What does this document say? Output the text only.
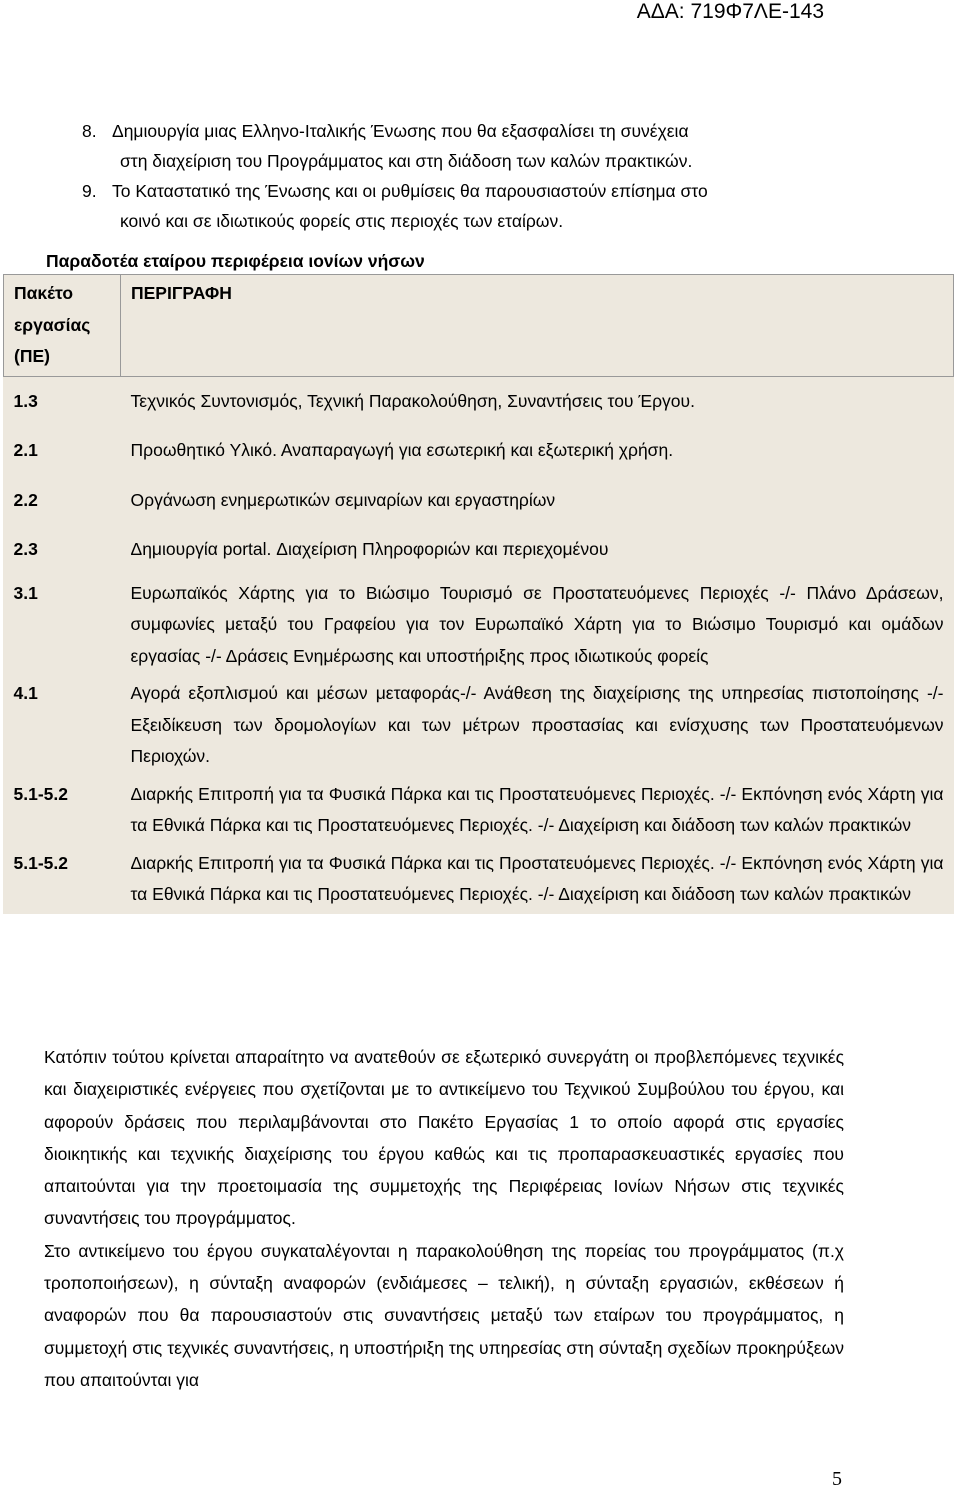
ΑΔΑ: 719Φ7ΛΕ-143
8. Δημιουργία μιας Ελληνο-Ιταλικής Ένωσης που θα εξασφαλίσει τη συνέχεια
στη διαχείριση του Προγράμματος και στη διάδοση των καλών πρακτικών.
9. Το Καταστατικό της Ένωσης και οι ρυθμίσεις θα παρουσιαστούν επίσημα στο
κοινό και σε ιδιωτικούς φορείς στις περιοχές των εταίρων.
Παραδοτέα εταίρου περιφέρεια ιονίων νήσων
Πακέτο εργασίας (ΠΕ)	ΠΕΡΙΓΡΑΦΗ
1.3	Τεχνικός Συντονισμός, Τεχνική Παρακολούθηση, Συναντήσεις του Έργου.
2.1	Προωθητικό Υλικό. Αναπαραγωγή για εσωτερική και εξωτερική χρήση.
2.2	Οργάνωση ενημερωτικών σεμιναρίων και εργαστηρίων
2.3	Δημιουργία portal. Διαχείριση Πληροφοριών και περιεχομένου
3.1	Ευρωπαϊκός Χάρτης για το Βιώσιμο Τουρισμό σε Προστατευόμενες Περιοχές -/- Πλάνο Δράσεων, συμφωνίες μεταξύ του Γραφείου για τον Ευρωπαϊκό Χάρτη για το Βιώσιμο Τουρισμό και ομάδων εργασίας -/- Δράσεις Ενημέρωσης και υποστήριξης προς ιδιωτικούς φορείς
4.1	Αγορά εξοπλισμού και μέσων μεταφοράς-/- Ανάθεση της διαχείρισης της υπηρεσίας πιστοποίησης -/- Εξειδίκευση των δρομολογίων και των μέτρων προστασίας και ενίσχυσης των Προστατευόμενων Περιοχών.
5.1-5.2	Διαρκής Επιτροπή για τα Φυσικά Πάρκα και τις Προστατευόμενες Περιοχές. -/- Εκπόνηση ενός Χάρτη για τα Εθνικά Πάρκα και τις Προστατευόμενες Περιοχές. -/- Διαχείριση και διάδοση των καλών πρακτικών
5.1-5.2	Διαρκής Επιτροπή για τα Φυσικά Πάρκα και τις Προστατευόμενες Περιοχές. -/- Εκπόνηση ενός Χάρτη για τα Εθνικά Πάρκα και τις Προστατευόμενες Περιοχές. -/- Διαχείριση και διάδοση των καλών πρακτικών

Κατόπιν τούτου κρίνεται απαραίτητο να ανατεθούν σε εξωτερικό συνεργάτη οι προβλεπόμενες τεχνικές και διαχειριστικές ενέργειες που σχετίζονται με το αντικείμενο του Τεχνικού Συμβούλου του έργου, και αφορούν δράσεις που περιλαμβάνονται στο Πακέτο Εργασίας 1 το οποίο αφορά στις εργασίες διοικητικής και τεχνικής διαχείρισης του έργου καθώς και τις προπαρασκευαστικές εργασίες που απαιτούνται για την προετοιμασία της συμμετοχής της Περιφέρειας Ιονίων Νήσων στις τεχνικές συναντήσεις του προγράμματος.

Στο αντικείμενο του έργου συγκαταλέγονται η παρακολούθηση της πορείας του προγράμματος (π.χ τροποποιήσεων), η σύνταξη αναφορών (ενδιάμεσες – τελική), η σύνταξη εργασιών, εκθέσεων ή αναφορών που θα παρουσιαστούν στις συναντήσεις μεταξύ των εταίρων του προγράμματος, η συμμετοχή στις τεχνικές συναντήσεις, η υποστήριξη της υπηρεσίας στη σύνταξη σχεδίων προκηρύξεων που απαιτούνται για

5
